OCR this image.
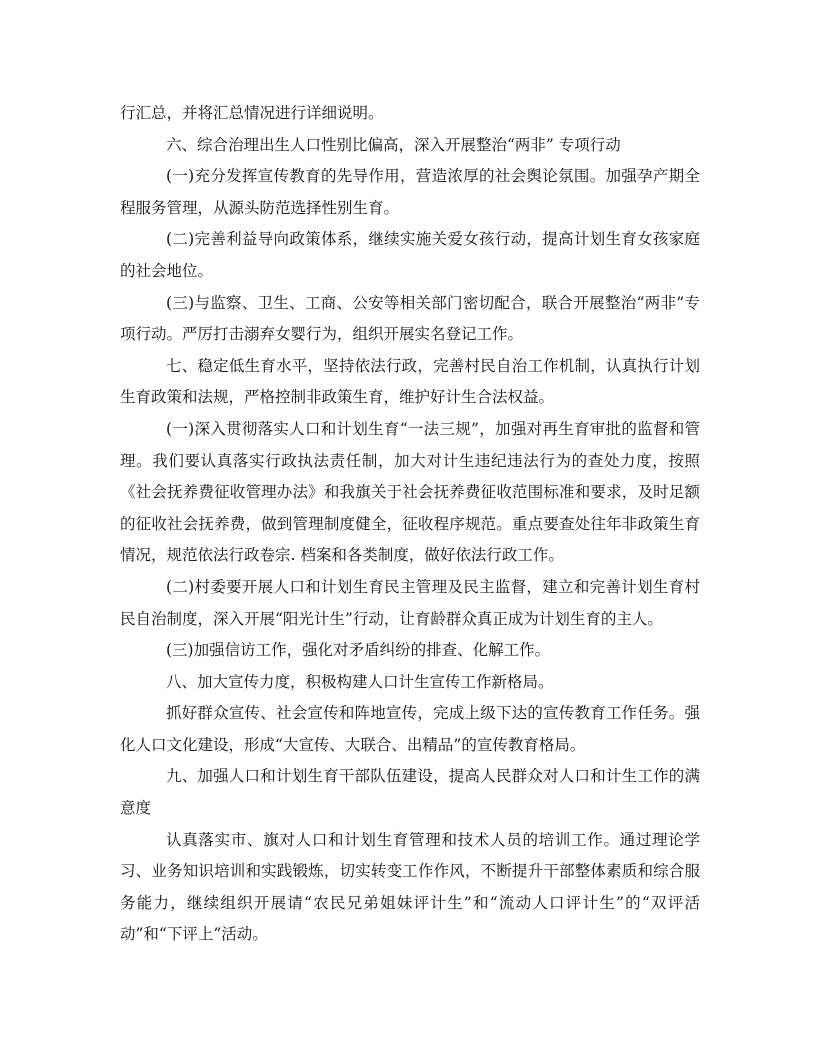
行汇总，并将汇总情况进行详细说明。

六、综合治理出生人口性别比偏高，深入开展整治“两非” 专项行动

(一)充分发挥宣传教育的先导作用，营造浓厚的社会舆论氛围。加强孕产期全程服务管理，从源头防范选择性别生育。

(二)完善利益导向政策体系，继续实施关爱女孩行动，提高计划生育女孩家庭的社会地位。

(三)与监察、卫生、工商、公安等相关部门密切配合，联合开展整治“两非”专项行动。严厉打击溺弃女婴行为，组织开展实名登记工作。

七、稳定低生育水平，坚持依法行政，完善村民自治工作机制，认真执行计划生育政策和法规，严格控制非政策生育，维护好计生合法权益。

(一)深入贯彻落实人口和计划生育“一法三规”，加强对再生育审批的监督和管理。我们要认真落实行政执法责任制，加大对计生违纪违法行为的查处力度，按照《社会抚养费征收管理办法》和我旗关于社会抚养费征收范围标准和要求，及时足额的征收社会抚养费，做到管理制度健全，征收程序规范。重点要查处往年非政策生育情况，规范依法行政卷宗. 档案和各类制度，做好依法行政工作。

(二)村委要开展人口和计划生育民主管理及民主监督，建立和完善计划生育村民自治制度，深入开展“阳光计生”行动，让育龄群众真正成为计划生育的主人。

(三)加强信访工作，强化对矛盾纠纷的排查、化解工作。

八、加大宣传力度，积极构建人口计生宣传工作新格局。

抓好群众宣传、社会宣传和阵地宣传，完成上级下达的宣传教育工作任务。强化人口文化建设，形成“大宣传、大联合、出精品”的宣传教育格局。

九、加强人口和计划生育干部队伍建设，提高人民群众对人口和计生工作的满意度

认真落实市、旗对人口和计划生育管理和技术人员的培训工作。通过理论学习、业务知识培训和实践锻炼，切实转变工作作风，不断提升干部整体素质和综合服务能力，继续组织开展请“农民兄弟姐妹评计生”和“流动人口评计生”的“双评活动”和“下评上”活动。
